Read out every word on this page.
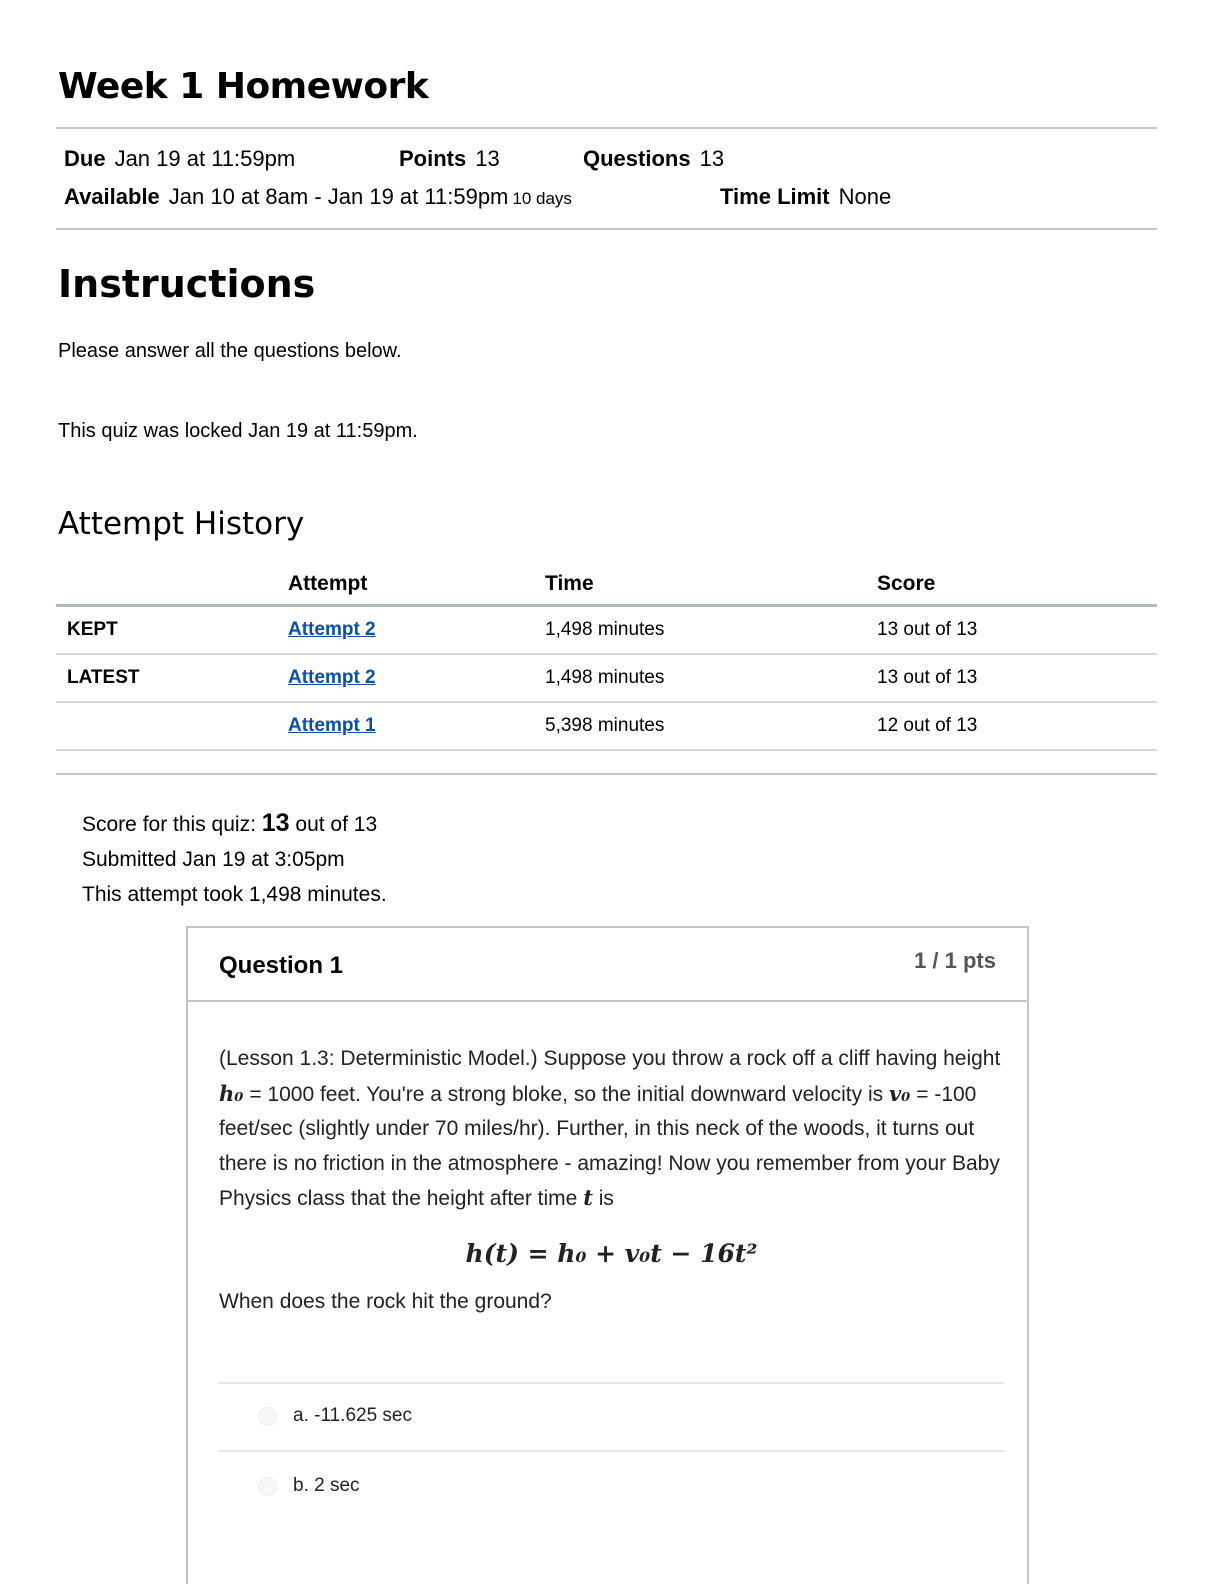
Week 1 Homework
Due Jan 19 at 11:59pm	Points 13	Questions 13
Available Jan 10 at 8am - Jan 19 at 11:59pm 10 days	Time Limit None
Instructions
Please answer all the questions below.
This quiz was locked Jan 19 at 11:59pm.
Attempt History
	Attempt	Time	Score
KEPT	Attempt 2	1,498 minutes	13 out of 13
LATEST	Attempt 2	1,498 minutes	13 out of 13
	Attempt 1	5,398 minutes	12 out of 13
Score for this quiz: 13 out of 13
Submitted Jan 19 at 3:05pm
This attempt took 1,498 minutes.
Question 1	1 / 1 pts
(Lesson 1.3: Deterministic Model.) Suppose you throw a rock off a cliff having height h₀ = 1000 feet. You're a strong bloke, so the initial downward velocity is v₀ = -100 feet/sec (slightly under 70 miles/hr). Further, in this neck of the woods, it turns out there is no friction in the atmosphere - amazing! Now you remember from your Baby Physics class that the height after time t is
h(t) = h₀ + v₀t − 16t²
When does the rock hit the ground?
a. -11.625 sec
b. 2 sec
